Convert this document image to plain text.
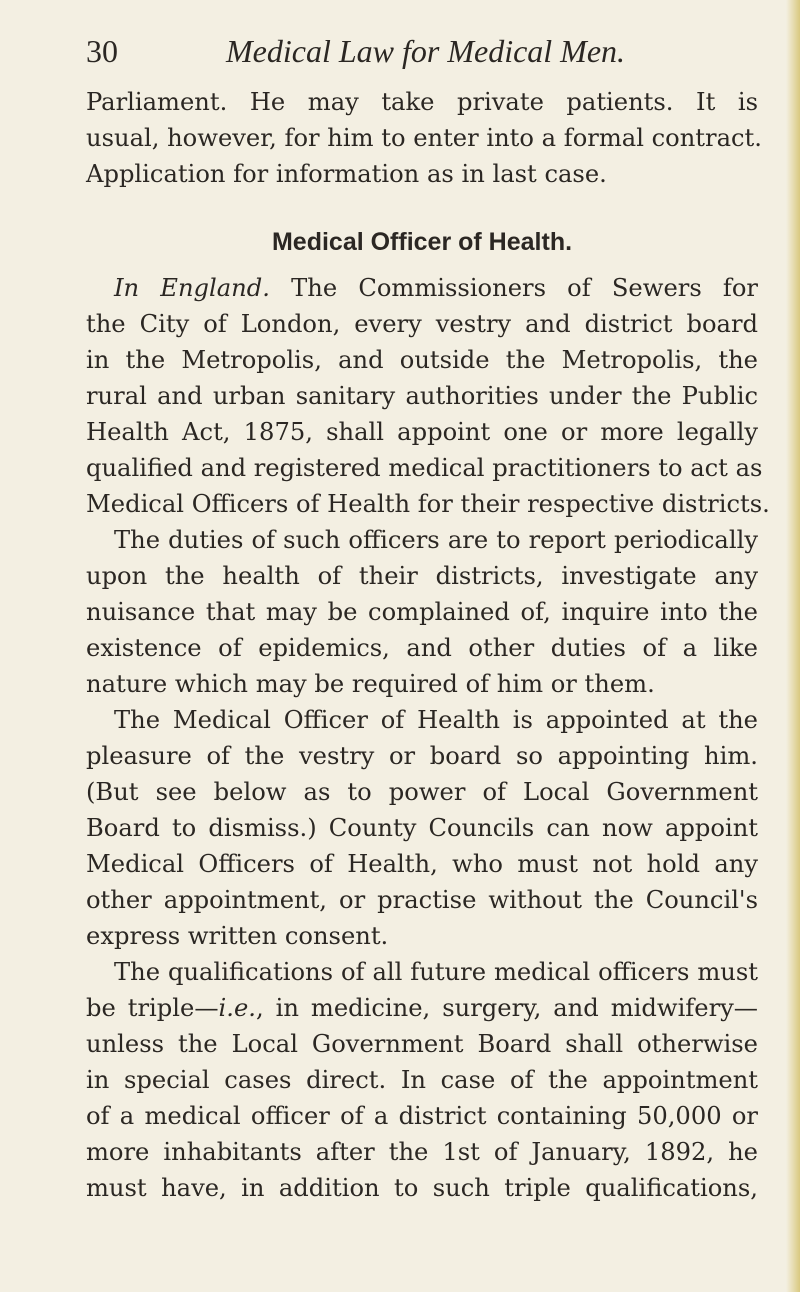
30	Medical Law for Medical Men.
Parliament. He may take private patients. It is
usual, however, for him to enter into a formal contract.
Application for information as in last case.
Medical Officer of Health.
In England. The Commissioners of Sewers for
the City of London, every vestry and district board
in the Metropolis, and outside the Metropolis, the
rural and urban sanitary authorities under the Public
Health Act, 1875, shall appoint one or more legally
qualified and registered medical practitioners to act as
Medical Officers of Health for their respective districts.
The duties of such officers are to report periodically
upon the health of their districts, investigate any
nuisance that may be complained of, inquire into the
existence of epidemics, and other duties of a like
nature which may be required of him or them.
The Medical Officer of Health is appointed at the
pleasure of the vestry or board so appointing him.
(But see below as to power of Local Government
Board to dismiss.) County Councils can now appoint
Medical Officers of Health, who must not hold any
other appointment, or practise without the Council's
express written consent.
The qualifications of all future medical officers must
be triple—i.e., in medicine, surgery, and midwifery—
unless the Local Government Board shall otherwise
in special cases direct. In case of the appointment
of a medical officer of a district containing 50,000 or
more inhabitants after the 1st of January, 1892, he
must have, in addition to such triple qualifications,
